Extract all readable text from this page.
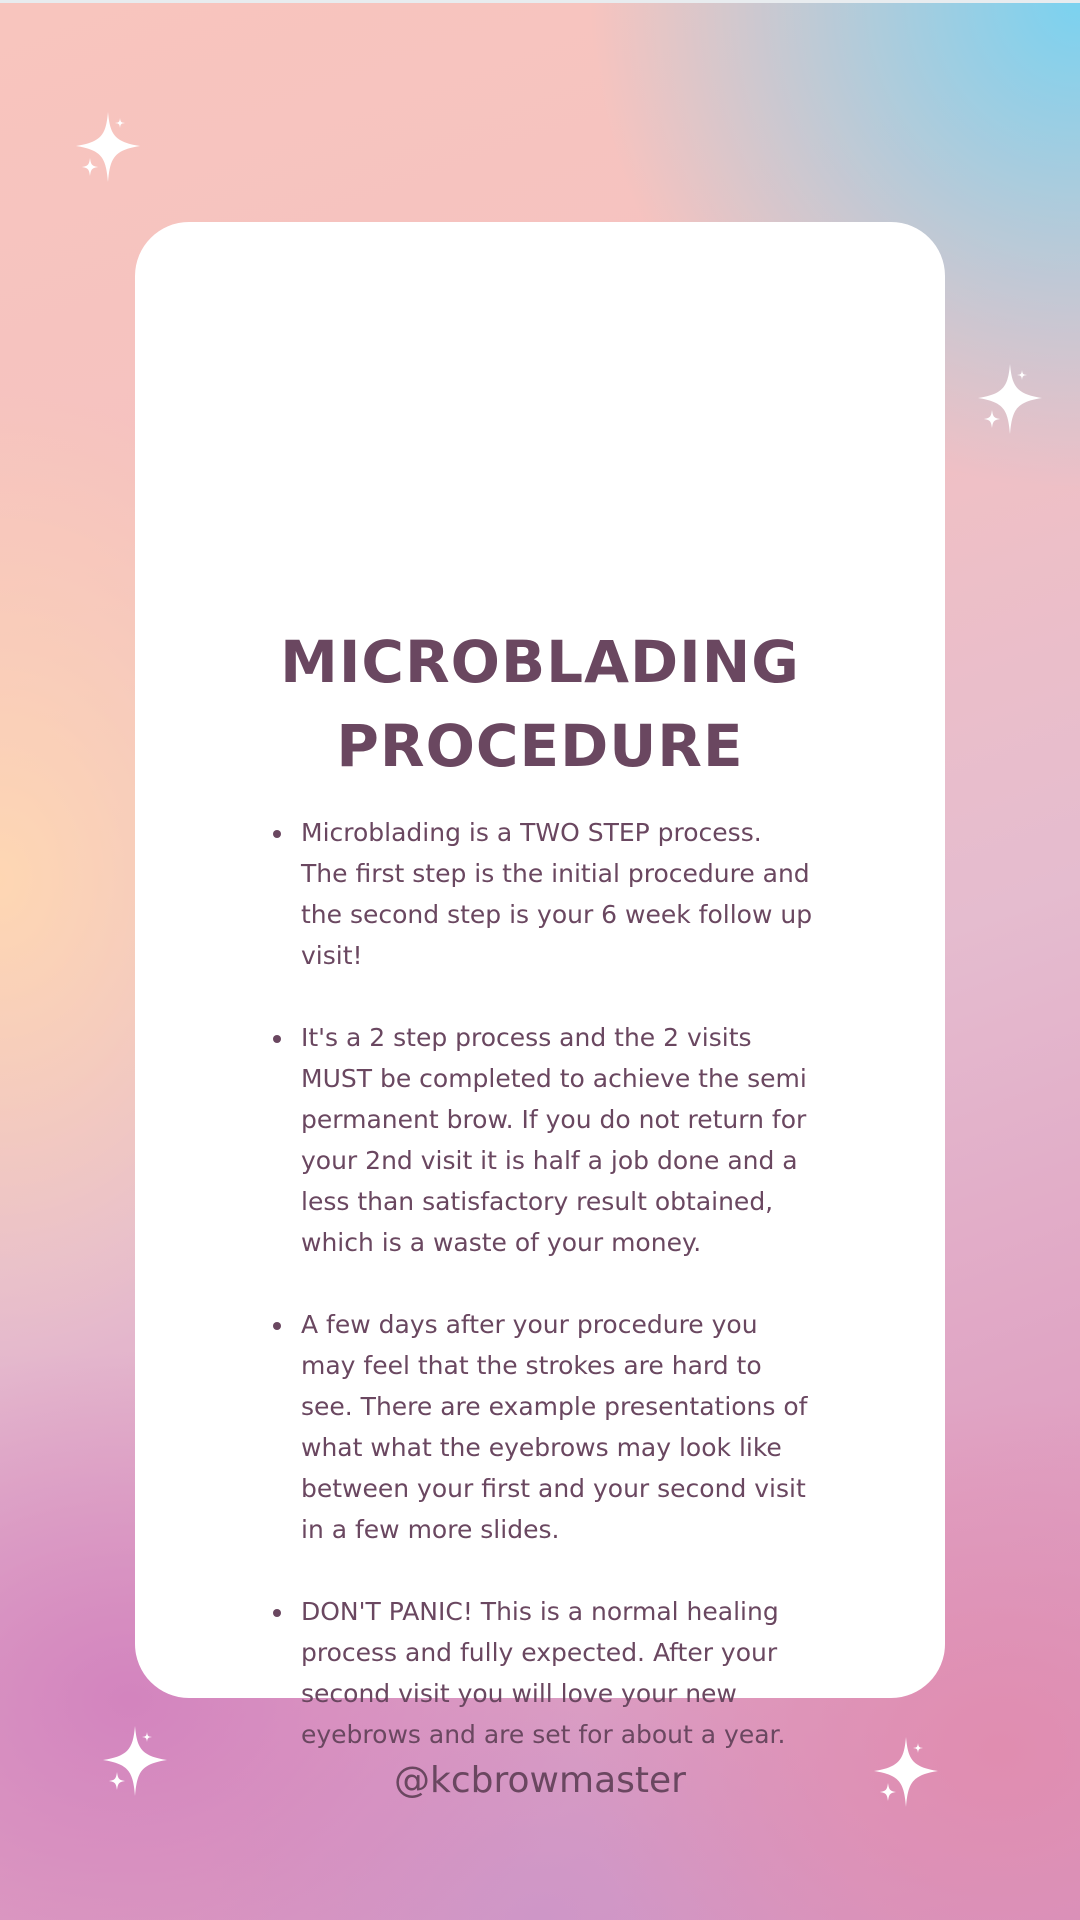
MICROBLADING
PROCEDURE
Microblading is a TWO STEP process. The first step is the initial procedure and the second step is your 6 week follow up visit!
It's a 2 step process and the 2 visits MUST be completed to achieve the semi permanent brow. If you do not return for your 2nd visit it is half a job done and a less than satisfactory result obtained, which is a waste of your money.
A few days after your procedure you may feel that the strokes are hard to see. There are example presentations of what what the eyebrows may look like between your first and your second visit in a few more slides.
DON'T PANIC! This is a normal healing process and fully expected. After your second visit you will love your new eyebrows and are set for about a year.
@kcbrowmaster
